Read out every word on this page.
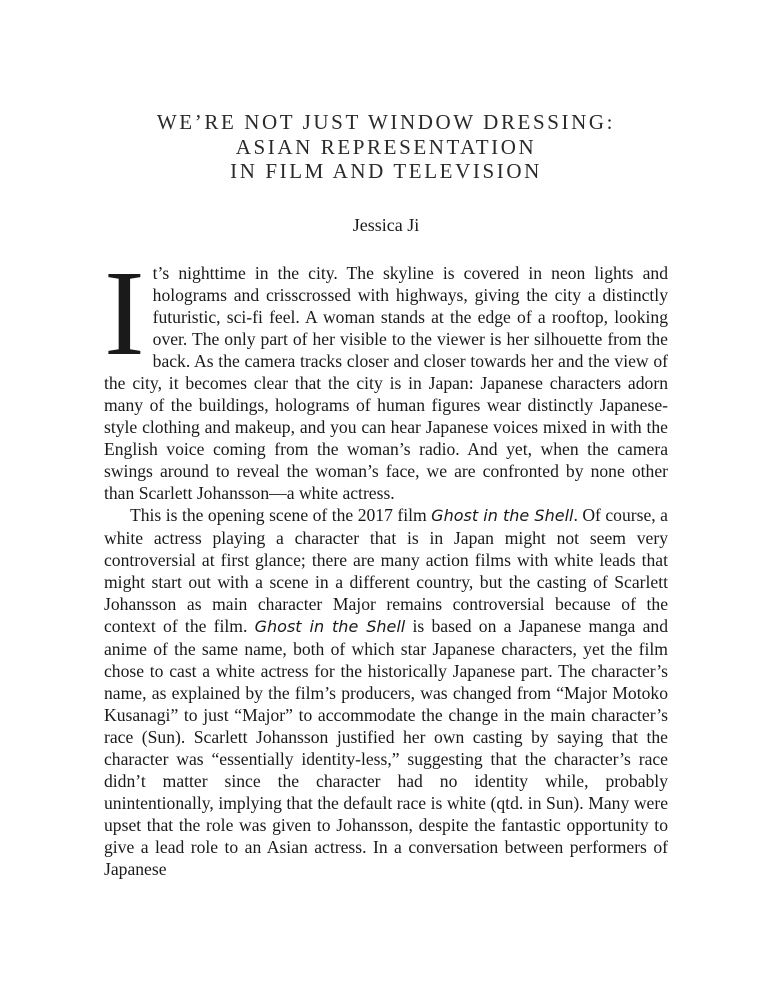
WE’RE NOT JUST WINDOW DRESSING:
ASIAN REPRESENTATION
IN FILM AND TELEVISION
Jessica Ji

It’s nighttime in the city. The skyline is covered in neon lights and holograms and crisscrossed with highways, giving the city a distinctly futuristic, sci-fi feel. A woman stands at the edge of a rooftop, looking over. The only part of her visible to the viewer is her silhouette from the back. As the camera tracks closer and closer towards her and the view of the city, it becomes clear that the city is in Japan: Japanese characters adorn many of the buildings, holograms of human figures wear distinctly Japanese-style clothing and makeup, and you can hear Japanese voices mixed in with the English voice coming from the woman’s radio. And yet, when the camera swings around to reveal the woman’s face, we are confronted by none other than Scarlett Johansson—a white actress.

This is the opening scene of the 2017 film Ghost in the Shell. Of course, a white actress playing a character that is in Japan might not seem very controversial at first glance; there are many action films with white leads that might start out with a scene in a different country, but the casting of Scarlett Johansson as main character Major remains controversial because of the context of the film. Ghost in the Shell is based on a Japanese manga and anime of the same name, both of which star Japanese characters, yet the film chose to cast a white actress for the historically Japanese part. The character’s name, as explained by the film’s producers, was changed from “Major Motoko Kusanagi” to just “Major” to accommodate the change in the main character’s race (Sun). Scarlett Johansson justified her own casting by saying that the character was “essentially identity-less,” suggesting that the character’s race didn’t matter since the character had no identity while, probably unintentionally, implying that the default race is white (qtd. in Sun). Many were upset that the role was given to Johansson, despite the fantastic opportunity to give a lead role to an Asian actress. In a conversation between performers of Japanese
